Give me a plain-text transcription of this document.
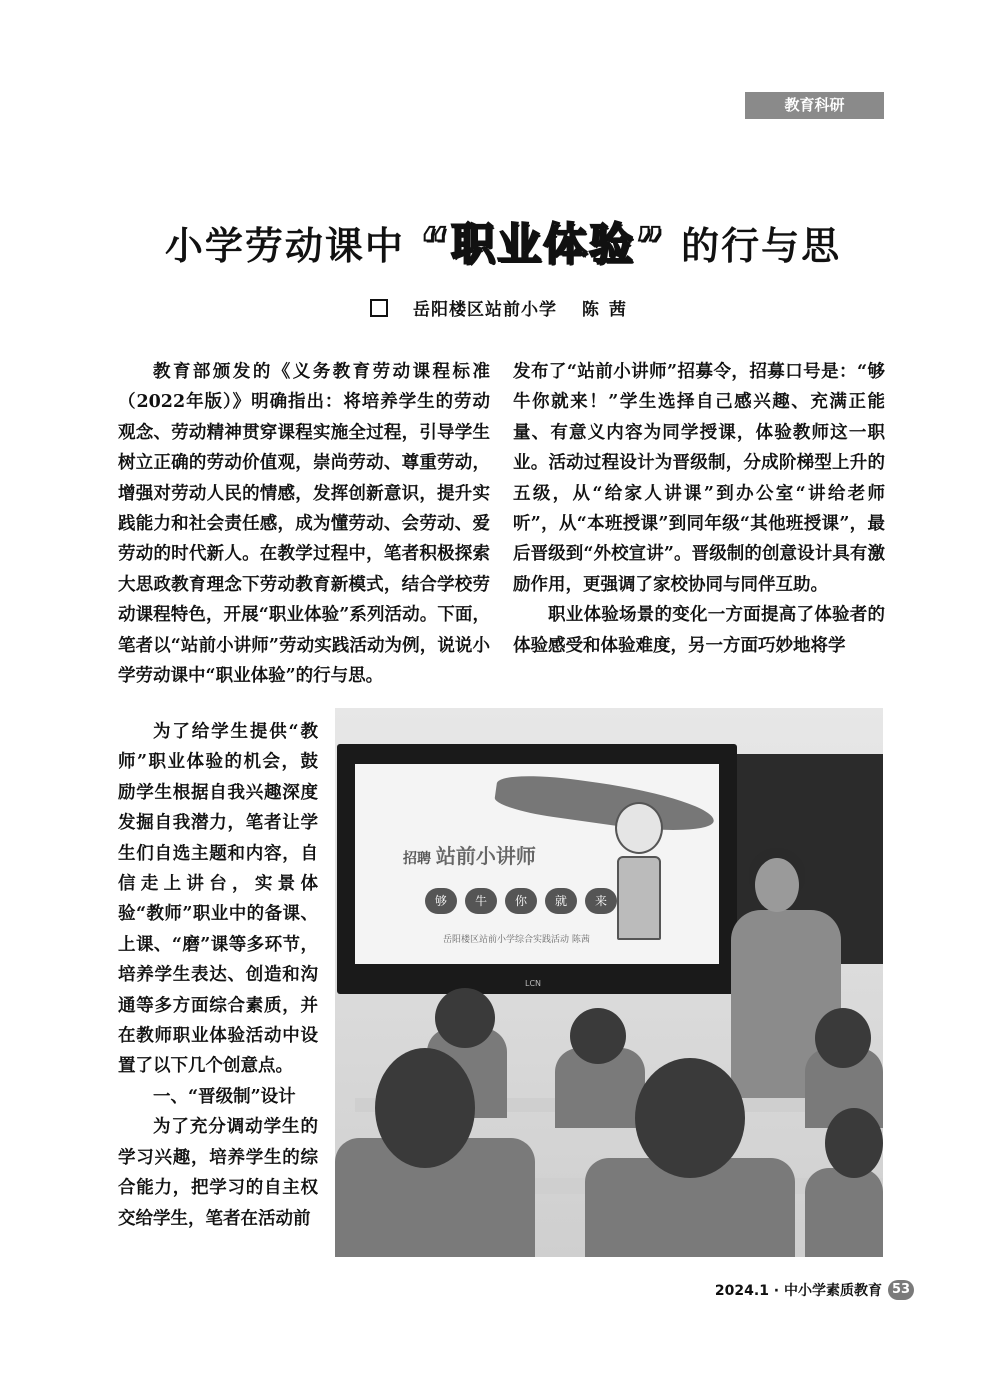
教育科研
小学劳动课中 “职业体验” 的行与思
岳阳楼区站前小学 陈茜

教育部颁发的《义务教育劳动课程标准（2022年版）》明确指出：将培养学生的劳动观念、劳动精神贯穿课程实施全过程，引导学生树立正确的劳动价值观，崇尚劳动、尊重劳动，增强对劳动人民的情感，发挥创新意识，提升实践能力和社会责任感，成为懂劳动、会劳动、爱劳动的时代新人。在教学过程中，笔者积极探索大思政教育理念下劳动教育新模式，结合学校劳动课程特色，开展“职业体验”系列活动。下面，笔者以“站前小讲师”劳动实践活动为例，说说小学劳动课中“职业体验”的行与思。

为了给学生提供“教师”职业体验的机会，鼓励学生根据自我兴趣深度发掘自我潜力，笔者让学生们自选主题和内容，自信走上讲台，实景体验“教师”职业中的备课、上课、“磨”课等多环节，培养学生表达、创造和沟通等多方面综合素质，并在教师职业体验活动中设置了以下几个创意点。

一、“晋级制”设计

为了充分调动学生的学习兴趣，培养学生的综合能力，把学习的自主权交给学生，笔者在活动前

发布了“站前小讲师”招募令，招募口号是：“够牛你就来！”学生选择自己感兴趣、充满正能量、有意义内容为同学授课，体验教师这一职业。活动过程设计为晋级制，分成阶梯型上升的五级，从“给家人讲课”到办公室“讲给老师听”，从“本班授课”到同年级“其他班授课”，最后晋级到“外校宣讲”。晋级制的创意设计具有激励作用，更强调了家校协同与同伴互助。

职业体验场景的变化一方面提高了体验者的体验感受和体验难度，另一方面巧妙地将学

招聘 站前小讲师
够	牛	你	就	来
岳阳楼区站前小学综合实践活动 陈茜
LCN
2024.1 · 中小学素质教育 53
